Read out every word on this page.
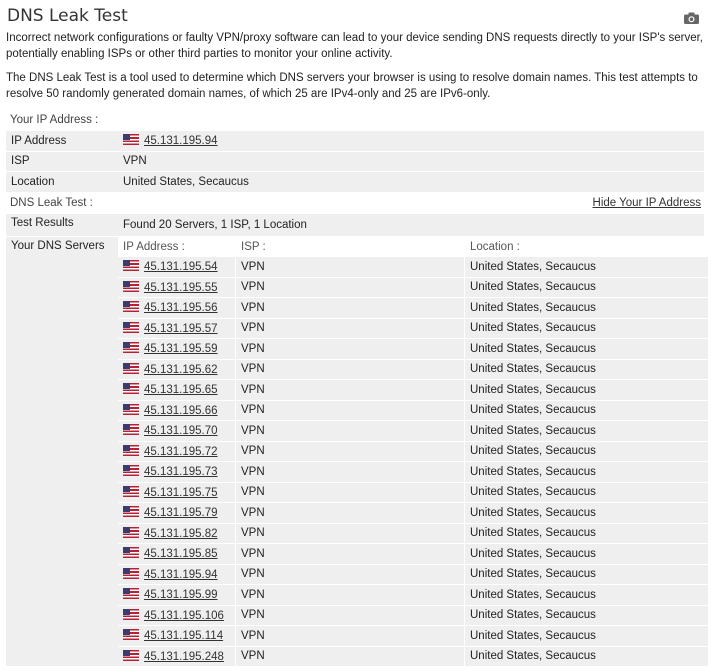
DNS Leak Test

Incorrect network configurations or faulty VPN/proxy software can lead to your device sending DNS requests directly to your ISP's server, potentially enabling ISPs or other third parties to monitor your online activity.

The DNS Leak Test is a tool used to determine which DNS servers your browser is using to resolve domain names. This test attempts to resolve 50 randomly generated domain names, of which 25 are IPv4-only and 25 are IPv6-only.

Your IP Address :
IP Address	45.131.195.94
ISP	VPN
Location	United States, Secaucus
DNS Leak Test :	Hide Your IP Address
Test Results	Found 20 Servers, 1 ISP, 1 Location
Your DNS Servers	IP Address :	ISP :	Location :
45.131.195.54	VPN	United States, Secaucus
45.131.195.55	VPN	United States, Secaucus
45.131.195.56	VPN	United States, Secaucus
45.131.195.57	VPN	United States, Secaucus
45.131.195.59	VPN	United States, Secaucus
45.131.195.62	VPN	United States, Secaucus
45.131.195.65	VPN	United States, Secaucus
45.131.195.66	VPN	United States, Secaucus
45.131.195.70	VPN	United States, Secaucus
45.131.195.72	VPN	United States, Secaucus
45.131.195.73	VPN	United States, Secaucus
45.131.195.75	VPN	United States, Secaucus
45.131.195.79	VPN	United States, Secaucus
45.131.195.82	VPN	United States, Secaucus
45.131.195.85	VPN	United States, Secaucus
45.131.195.94	VPN	United States, Secaucus
45.131.195.99	VPN	United States, Secaucus
45.131.195.106	VPN	United States, Secaucus
45.131.195.114	VPN	United States, Secaucus
45.131.195.248	VPN	United States, Secaucus
